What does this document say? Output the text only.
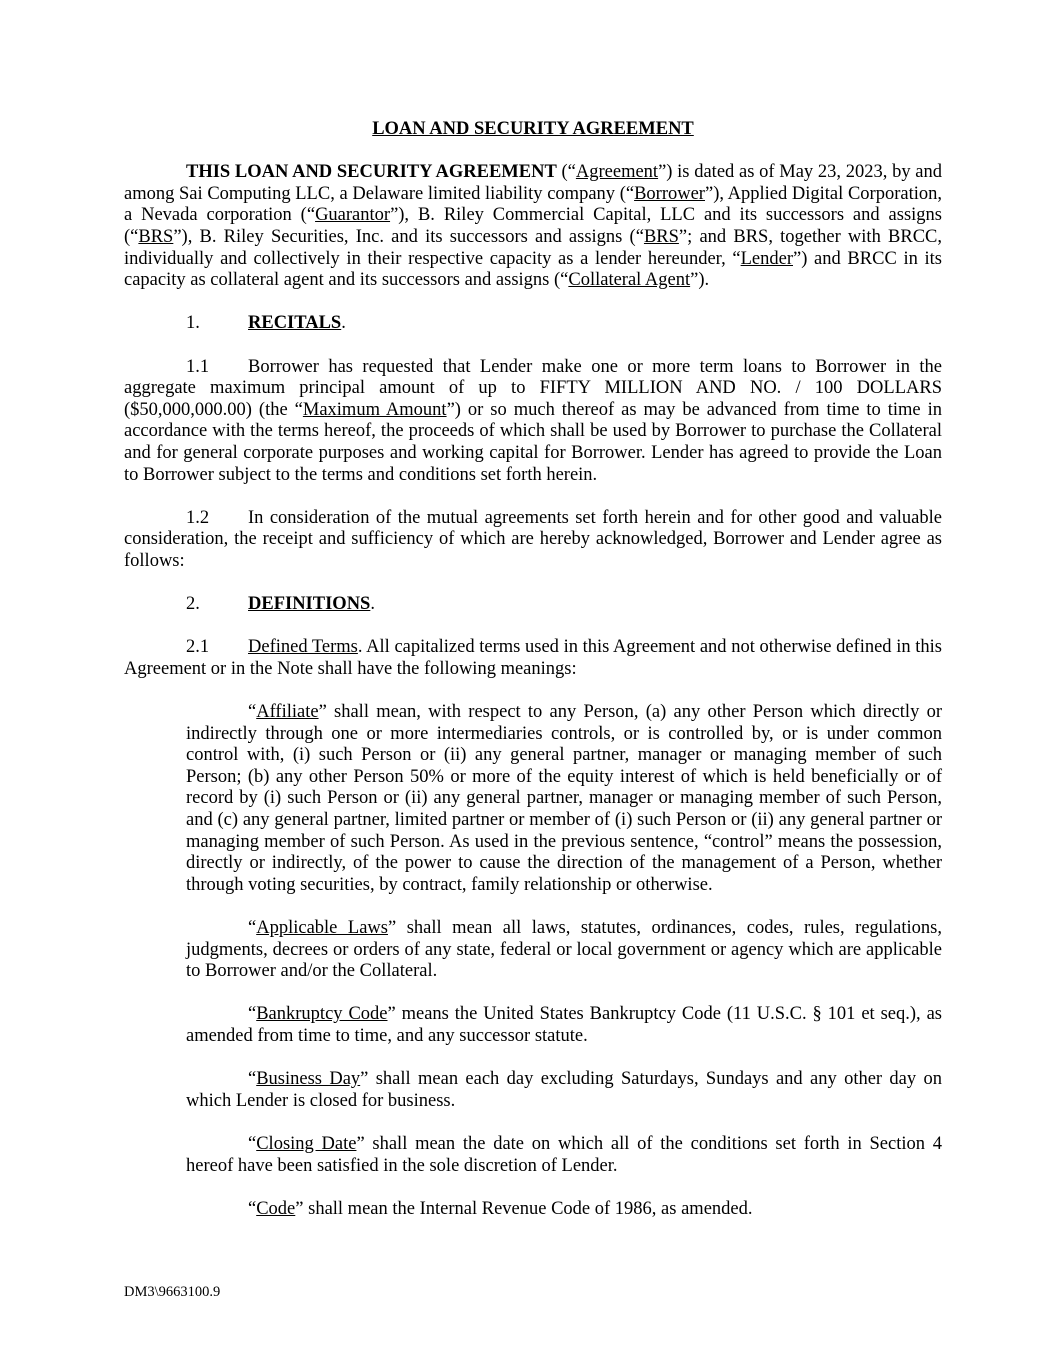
LOAN AND SECURITY AGREEMENT

THIS LOAN AND SECURITY AGREEMENT (“Agreement”) is dated as of May 23, 2023, by and among Sai Computing LLC, a Delaware limited liability company (“Borrower”), Applied Digital Corporation, a Nevada corporation (“Guarantor”), B. Riley Commercial Capital, LLC and its successors and assigns (“BRS”), B. Riley Securities, Inc. and its successors and assigns (“BRS”; and BRS, together with BRCC, individually and collectively in their respective capacity as a lender hereunder, “Lender”) and BRCC in its capacity as collateral agent and its successors and assigns (“Collateral Agent”).

1.	RECITALS.

1.1 Borrower has requested that Lender make one or more term loans to Borrower in the aggregate maximum principal amount of up to FIFTY MILLION AND NO. / 100 DOLLARS ($50,000,000.00) (the “Maximum Amount”) or so much thereof as may be advanced from time to time in accordance with the terms hereof, the proceeds of which shall be used by Borrower to purchase the Collateral and for general corporate purposes and working capital for Borrower. Lender has agreed to provide the Loan to Borrower subject to the terms and conditions set forth herein.

1.2 In consideration of the mutual agreements set forth herein and for other good and valuable consideration, the receipt and sufficiency of which are hereby acknowledged, Borrower and Lender agree as follows:

2.	DEFINITIONS.

2.1 Defined Terms. All capitalized terms used in this Agreement and not otherwise defined in this Agreement or in the Note shall have the following meanings:

“Affiliate” shall mean, with respect to any Person, (a) any other Person which directly or indirectly through one or more intermediaries controls, or is controlled by, or is under common control with, (i) such Person or (ii) any general partner, manager or managing member of such Person; (b) any other Person 50% or more of the equity interest of which is held beneficially or of record by (i) such Person or (ii) any general partner, manager or managing member of such Person, and (c) any general partner, limited partner or member of (i) such Person or (ii) any general partner or managing member of such Person. As used in the previous sentence, “control” means the possession, directly or indirectly, of the power to cause the direction of the management of a Person, whether through voting securities, by contract, family relationship or otherwise.

“Applicable Laws” shall mean all laws, statutes, ordinances, codes, rules, regulations, judgments, decrees or orders of any state, federal or local government or agency which are applicable to Borrower and/or the Collateral.

“Bankruptcy Code” means the United States Bankruptcy Code (11 U.S.C. § 101 et seq.), as amended from time to time, and any successor statute.

“Business Day” shall mean each day excluding Saturdays, Sundays and any other day on which Lender is closed for business.

“Closing Date” shall mean the date on which all of the conditions set forth in Section 4 hereof have been satisfied in the sole discretion of Lender.

“Code” shall mean the Internal Revenue Code of 1986, as amended.

DM3\9663100.9
